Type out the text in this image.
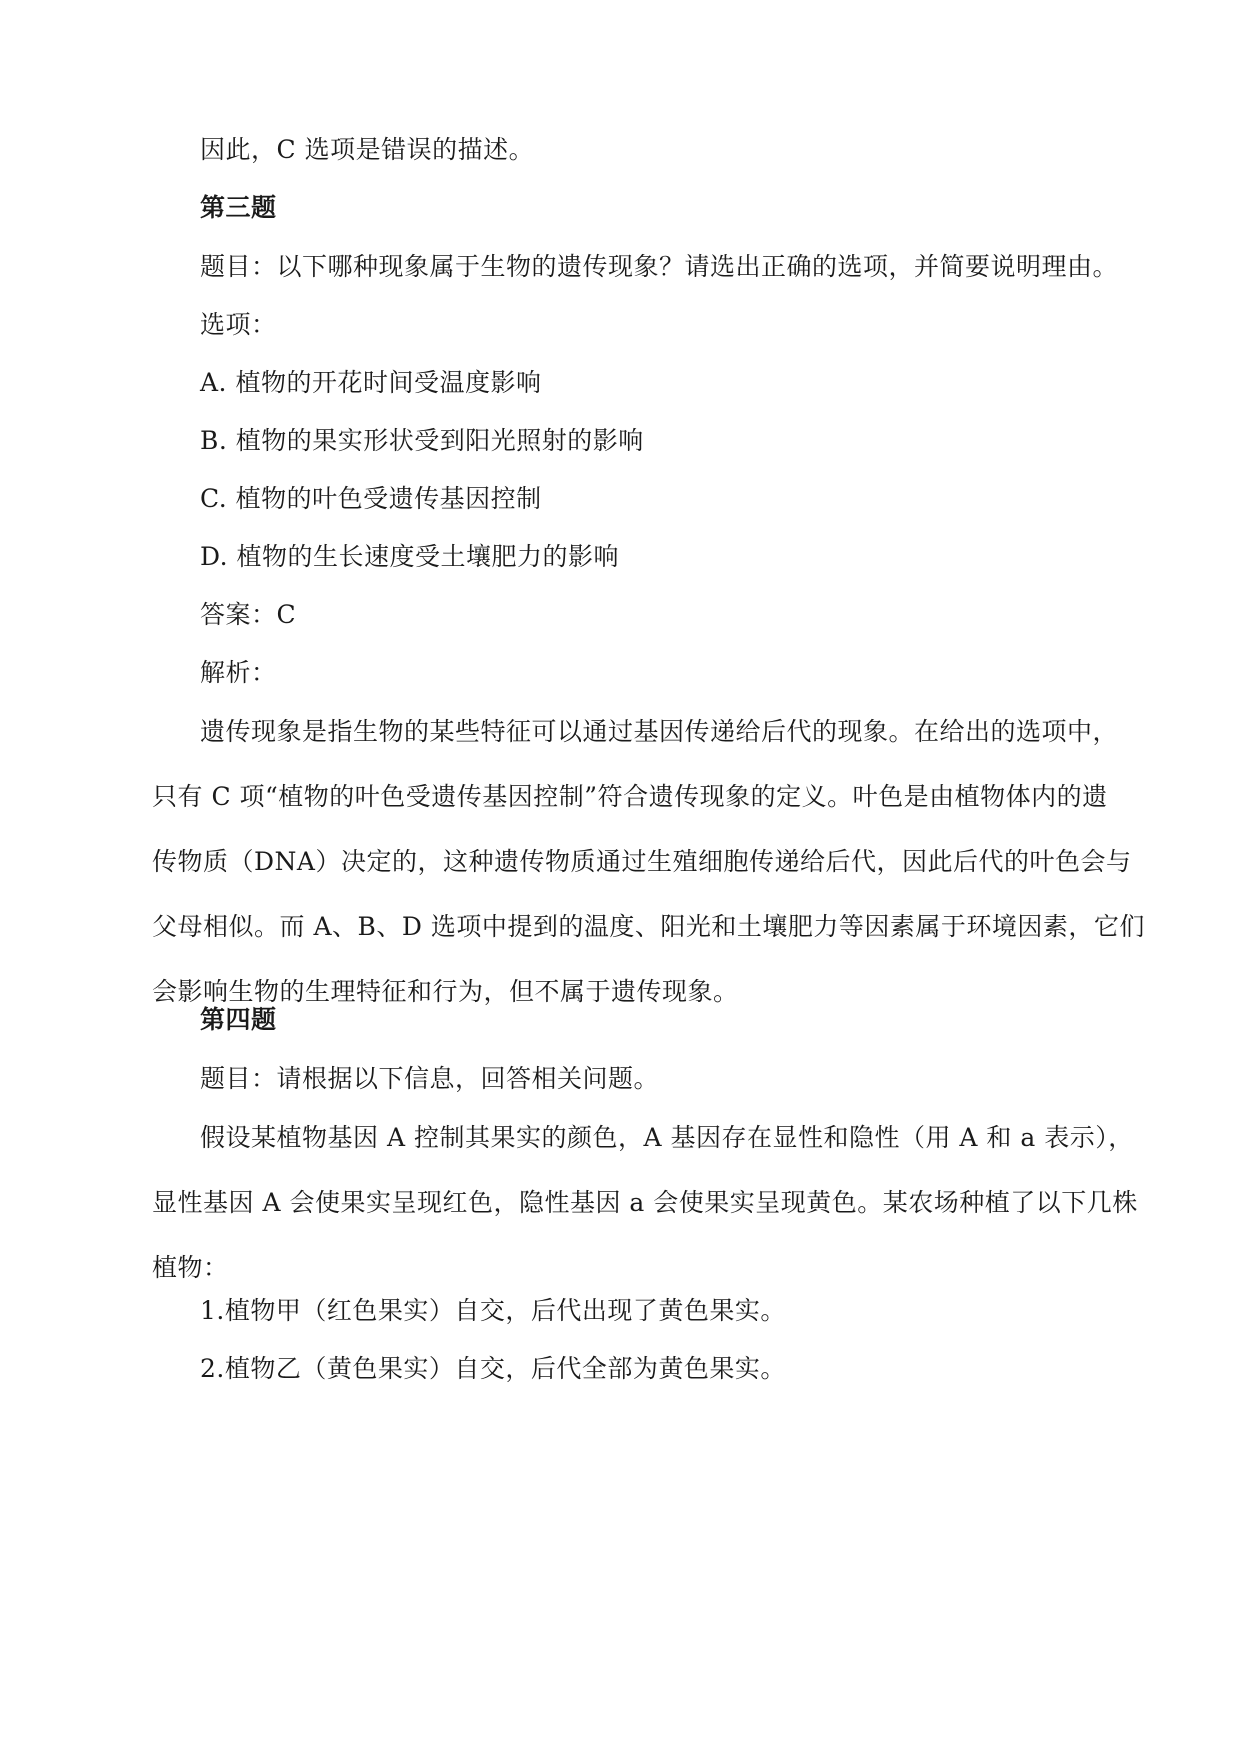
因此，C 选项是错误的描述。
第三题
题目：以下哪种现象属于生物的遗传现象？请选出正确的选项，并简要说明理由。
选项：
A. 植物的开花时间受温度影响
B. 植物的果实形状受到阳光照射的影响
C. 植物的叶色受遗传基因控制
D. 植物的生长速度受土壤肥力的影响
答案：C
解析：
遗传现象是指生物的某些特征可以通过基因传递给后代的现象。在给出的选项中，
只有 C 项“植物的叶色受遗传基因控制”符合遗传现象的定义。叶色是由植物体内的遗
传物质（DNA）决定的，这种遗传物质通过生殖细胞传递给后代，因此后代的叶色会与
父母相似。而 A、B、D 选项中提到的温度、阳光和土壤肥力等因素属于环境因素，它们
会影响生物的生理特征和行为，但不属于遗传现象。
第四题
题目：请根据以下信息，回答相关问题。
假设某植物基因 A 控制其果实的颜色，A 基因存在显性和隐性（用 A 和 a 表示），
显性基因 A 会使果实呈现红色，隐性基因 a 会使果实呈现黄色。某农场种植了以下几株
植物：
1.植物甲（红色果实）自交，后代出现了黄色果实。
2.植物乙（黄色果实）自交，后代全部为黄色果实。
